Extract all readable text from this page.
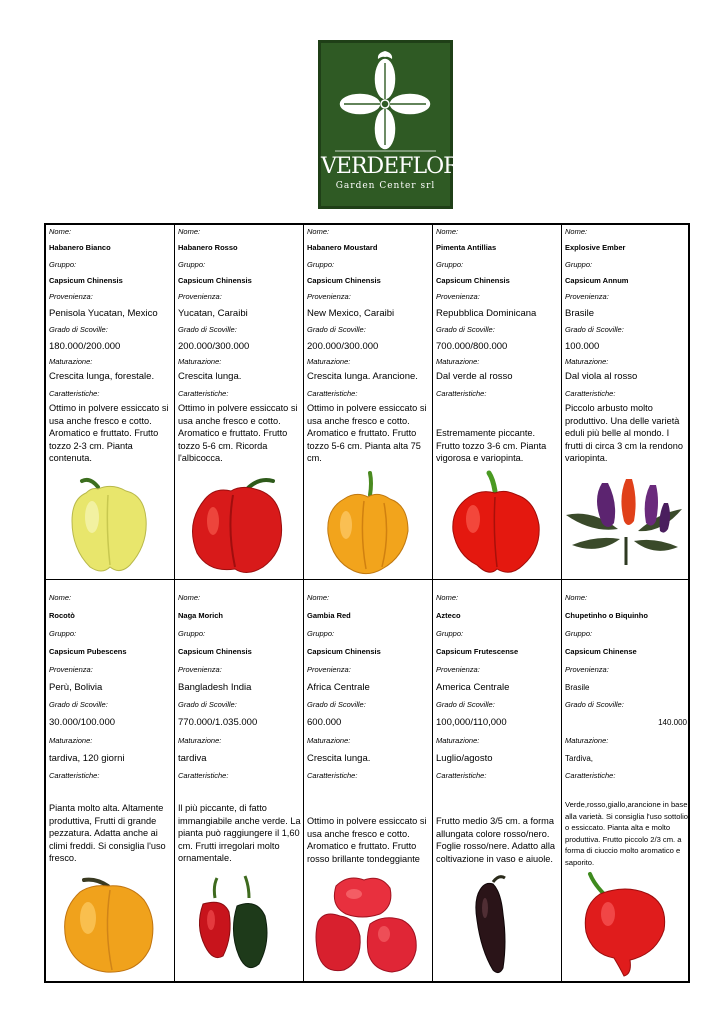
VERDEFLORA
Garden Center srl
Nome:
Habanero Bianco
Gruppo:
Capsicum Chinensis
Provenienza:
Penisola Yucatan, Mexico
Grado di Scoville:
180.000/200.000
Maturazione:
Crescita lunga, forestale.
Caratteristiche:
Ottimo in polvere essiccato si usa anche fresco e cotto. Aromatico e fruttato. Frutto tozzo 2-3 cm. Pianta contenuta.
Nome:
Habanero Rosso
Gruppo:
Capsicum Chinensis
Provenienza:
Yucatan, Caraibi
Grado di Scoville:
200.000/300.000
Maturazione:
Crescita lunga.
Caratteristiche:
Ottimo in polvere essiccato si usa anche fresco e cotto. Aromatico e fruttato. Frutto tozzo 5-6 cm. Ricorda l'albicocca.
Nome:
Habanero Moustard
Gruppo:
Capsicum Chinensis
Provenienza:
New Mexico, Caraibi
Grado di Scoville:
200.000/300.000
Maturazione:
Crescita lunga. Arancione.
Caratteristiche:
Ottimo in polvere essiccato si usa anche fresco e cotto. Aromatico e fruttato. Frutto tozzo 5-6 cm. Pianta alta 75 cm.
Nome:
Pimenta Antillias
Gruppo:
Capsicum Chinensis
Provenienza:
Repubblica Dominicana
Grado di Scoville:
700.000/800.000
Maturazione:
Dal verde al rosso
Caratteristiche:
Estremamente piccante. Frutto tozzo 3-6 cm. Pianta vigorosa e variopinta.
Nome:
Explosive Ember
Gruppo:
Capsicum Annum
Provenienza:
Brasile
Grado di Scoville:
100.000
Maturazione:
Dal viola al rosso
Caratteristiche:
Piccolo arbusto molto produttivo. Una delle varietà eduli più belle al mondo. I frutti di circa 3 cm la rendono variopinta.
Nome:
Rocotò
Gruppo:
Capsicum Pubescens
Provenienza:
Perù, Bolivia
Grado di Scoville:
30.000/100.000
Maturazione:
tardiva, 120 giorni
Caratteristiche:
Pianta molto alta. Altamente produttiva, Frutti di grande pezzatura. Adatta anche ai climi freddi. Si consiglia l'uso fresco.
Nome:
Naga Morich
Gruppo:
Capsicum Chinensis
Provenienza:
Bangladesh India
Grado di Scoville:
770.000/1.035.000
Maturazione:
tardiva
Caratteristiche:
Il più piccante, di fatto immangiabile anche verde. La pianta può raggiungere il 1,60 cm. Frutti irregolari molto ornamentale.
Nome:
Gambia Red
Gruppo:
Capsicum Chinensis
Provenienza:
Africa Centrale
Grado di Scoville:
600.000
Maturazione:
Crescita lunga.
Caratteristiche:
Ottimo in polvere essiccato si usa anche fresco e cotto. Aromatico e fruttato. Frutto rosso brillante tondeggiante
Nome:
Azteco
Gruppo:
Capsicum Frutescense
Provenienza:
America Centrale
Grado di Scoville:
100,000/110,000
Maturazione:
Luglio/agosto
Caratteristiche:
Frutto medio 3/5 cm. a forma allungata colore rosso/nero. Foglie rosso/nere. Adatto alla coltivazione in vaso e aiuole.
Nome:
Chupetinho o Biquinho
Gruppo:
Capsicum Chinense
Provenienza:
Brasile
Grado di Scoville:
140.000
Maturazione:
Tardiva,
Caratteristiche:
Verde,rosso,giallo,arancione in base alla varietà. Si consiglia l'uso sottolio o essiccato. Pianta alta e molto produttiva. Frutto piccolo 2/3 cm. a forma di ciuccio molto aromatico e saporito.
